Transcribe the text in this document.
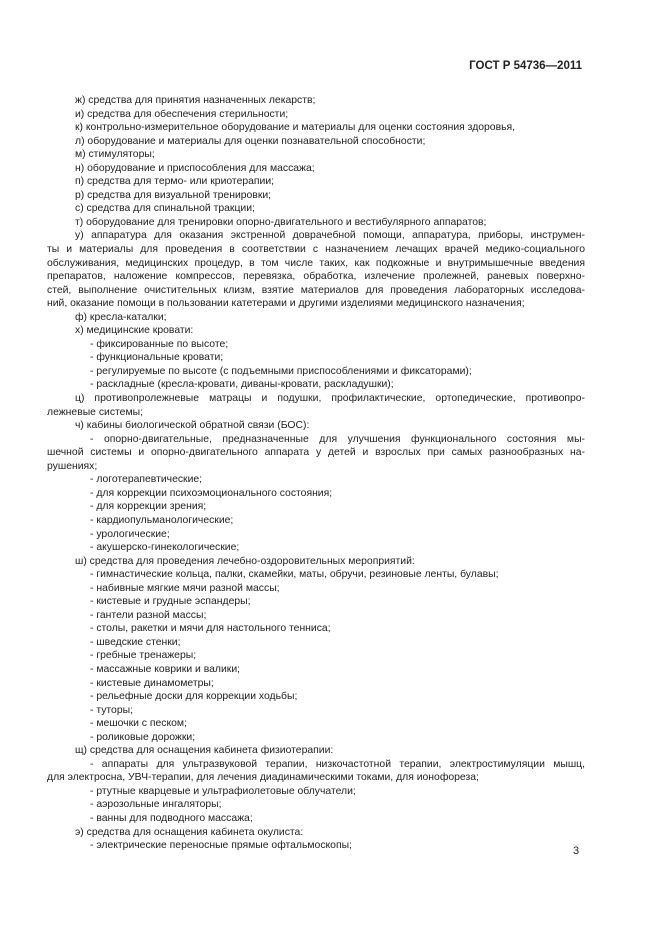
ГОСТ Р 54736—2011
ж) средства для принятия назначенных лекарств;
и) средства для обеспечения стерильности;
к) контрольно-измерительное оборудование и материалы для оценки состояния здоровья,
л) оборудование и материалы для оценки познавательной способности;
м) стимуляторы;
н) оборудование и приспособления для массажа;
п) средства для термо- или криотерапии;
р) средства для визуальной тренировки;
с) средства для спинальной тракции;
т) оборудование для тренировки опорно-двигательного и вестибулярного аппаратов;
у) аппаратура для оказания экстренной доврачебной помощи, аппаратура, приборы, инструмен-
ты и материалы для проведения в соответствии с назначением лечащих врачей медико-социального
обслуживания, медицинских процедур, в том числе таких, как подкожные и внутримышечные введения
препаратов, наложение компрессов, перевязка, обработка, излечение пролежней, раневых поверхно-
стей, выполнение очистительных клизм, взятие материалов для проведения лабораторных исследова-
ний, оказание помощи в пользовании катетерами и другими изделиями медицинского назначения;
ф) кресла-каталки;
х) медицинские кровати:
- фиксированные по высоте;
- функциональные кровати;
- регулируемые по высоте (с подъемными приспособлениями и фиксаторами);
- раскладные (кресла-кровати, диваны-кровати, раскладушки);
ц) противопролежневые матрацы и подушки, профилактические, ортопедические, противопро-
лежневые системы;
ч) кабины биологической обратной связи (БОС):
- опорно-двигательные, предназначенные для улучшения функционального состояния мы-
шечной системы и опорно-двигательного аппарата у детей и взрослых при самых разнообразных на-
рушениях;
- логотерапевтические;
- для коррекции психоэмоционального состояния;
- для коррекции зрения;
- кардиопульманологические;
- урологические;
- акушерско-гинекологические;
ш) средства для проведения лечебно-оздоровительных мероприятий:
- гимнастические кольца, палки, скамейки, маты, обручи, резиновые ленты, булавы;
- набивные мягкие мячи разной массы;
- кистевые и грудные эспандеры;
- гантели разной массы;
- столы, ракетки и мячи для настольного тенниса;
- шведские стенки;
- гребные тренажеры;
- массажные коврики и валики;
- кистевые динамометры;
- рельефные доски для коррекции ходьбы;
- туторы;
- мешочки с песком;
- роликовые дорожки;
щ) средства для оснащения кабинета физиотерапии:
- аппараты для ультразвуковой терапии, низкочастотной терапии, электростимуляции мышц,
для электросна, УВЧ-терапии, для лечения диадинамическими токами, для ионофореза;
- ртутные кварцевые и ультрафиолетовые облучатели;
- аэрозольные ингаляторы;
- ванны для подводного массажа;
э) средства для оснащения кабинета окулиста:
- электрические переносные прямые офтальмоскопы;	3
